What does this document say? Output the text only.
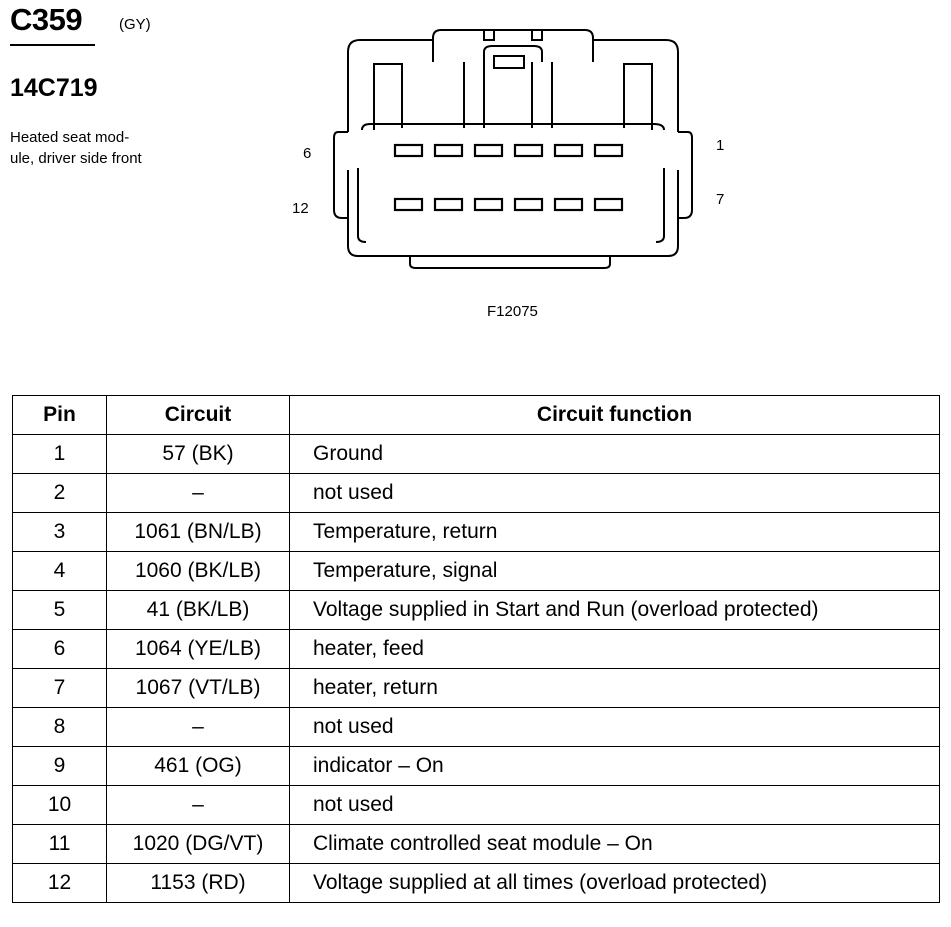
C359 (GY)
14C719
Heated seat mod-
ule, driver side front	6
12
1
7
F12075
Pin	Circuit	Circuit function
1	57 (BK)	Ground
2	–	not used
3	1061 (BN/LB)	Temperature, return
4	1060 (BK/LB)	Temperature, signal
5	41 (BK/LB)	Voltage supplied in Start and Run (overload protected)
6	1064 (YE/LB)	heater, feed
7	1067 (VT/LB)	heater, return
8	–	not used
9	461 (OG)	indicator – On
10	–	not used
11	1020 (DG/VT)	Climate controlled seat module – On
12	1153 (RD)	Voltage supplied at all times (overload protected)
